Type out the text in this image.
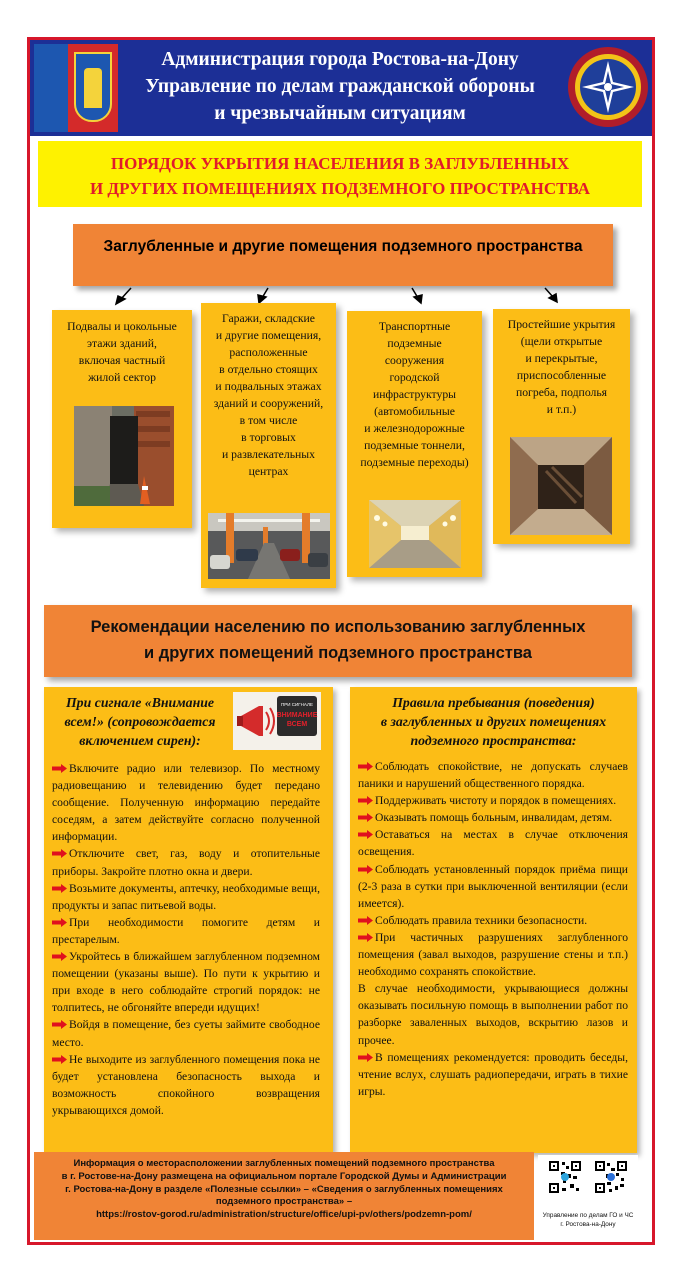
Администрация города Ростова-на-Дону
Управление по делам гражданской обороны
и чрезвычайным ситуациям
ПОРЯДОК УКРЫТИЯ НАСЕЛЕНИЯ В ЗАГЛУБЛЕННЫХ
И ДРУГИХ ПОМЕЩЕНИЯХ ПОДЗЕМНОГО ПРОСТРАНСТВА
Заглубленные и другие помещения подземного пространства
Подвалы и цокольные
этажи зданий,
включая частный
жилой сектор
Гаражи, складские
и другие помещения,
расположенные
в отдельно стоящих
и подвальных этажах
зданий и сооружений,
в том числе
в торговых
и развлекательных
центрах
Транспортные
подземные
сооружения
городской
инфраструктуры
(автомобильные
и железнодорожные
подземные тоннели,
подземные переходы)
Простейшие укрытия
(щели открытые
и перекрытые,
приспособленные
погреба, подполья
и т.п.)
Рекомендации населению по использованию заглубленных
и других помещений подземного пространства
При сигнале «Внимание
всем!» (сопровождается
включением сирен):
ПРИ СИГНАЛЕ
ВНИМАНИЕ
ВСЕМ
Включите радио или телевизор. По местному радиовещанию и телевидению будет передано сообщение. Полученную информацию передайте соседям, а затем действуйте согласно полученной информации.
Отключите свет, газ, воду и отопительные приборы. Закройте плотно окна и двери.
Возьмите документы, аптечку, необходимые вещи, продукты и запас питьевой воды.
При необходимости помогите детям и престарелым.
Укройтесь в ближайшем заглубленном подземном помещении (указаны выше). По пути к укрытию и при входе в него соблюдайте строгий порядок: не толпитесь, не обгоняйте впереди идущих!
Войдя в помещение, без суеты займите свободное место.
Не выходите из заглубленного помещения пока не будет установлена безопасность выхода и возможность спокойного возвращения укрывающихся домой.
Правила пребывания (поведения)
в заглубленных и других помещениях
подземного пространства:
Соблюдать спокойствие, не допускать случаев паники и нарушений общественного порядка.
Поддерживать чистоту и порядок в помещениях.
Оказывать помощь больным, инвалидам, детям.
Оставаться на местах в случае отключения освещения.
Соблюдать установленный порядок приёма пищи (2-3 раза в сутки при выключенной вентиляции (если имеется).
Соблюдать правила техники безопасности.
При частичных разрушениях заглубленного помещения (завал выходов, разрушение стены и т.п.) необходимо сохранять спокойствие.
В случае необходимости, укрывающиеся должны оказывать посильную помощь в выполнении работ по разборке заваленных выходов, вскрытию лазов и прочее.
В помещениях рекомендуется: проводить беседы, чтение вслух, слушать радиопередачи, играть в тихие игры.
Информация о месторасположении заглубленных помещений подземного пространства
в г. Ростове-на-Дону размещена на официальном портале Городской Думы и Администрации
г. Ростова-на-Дону в разделе «Полезные ссылки» – «Сведения о заглубленных помещениях
подземного пространства» –
https://rostov-gorod.ru/administration/structure/office/upi-pv/others/podzemn-pom/	Управление по делам ГО и ЧС
г. Ростова-на-Дону
